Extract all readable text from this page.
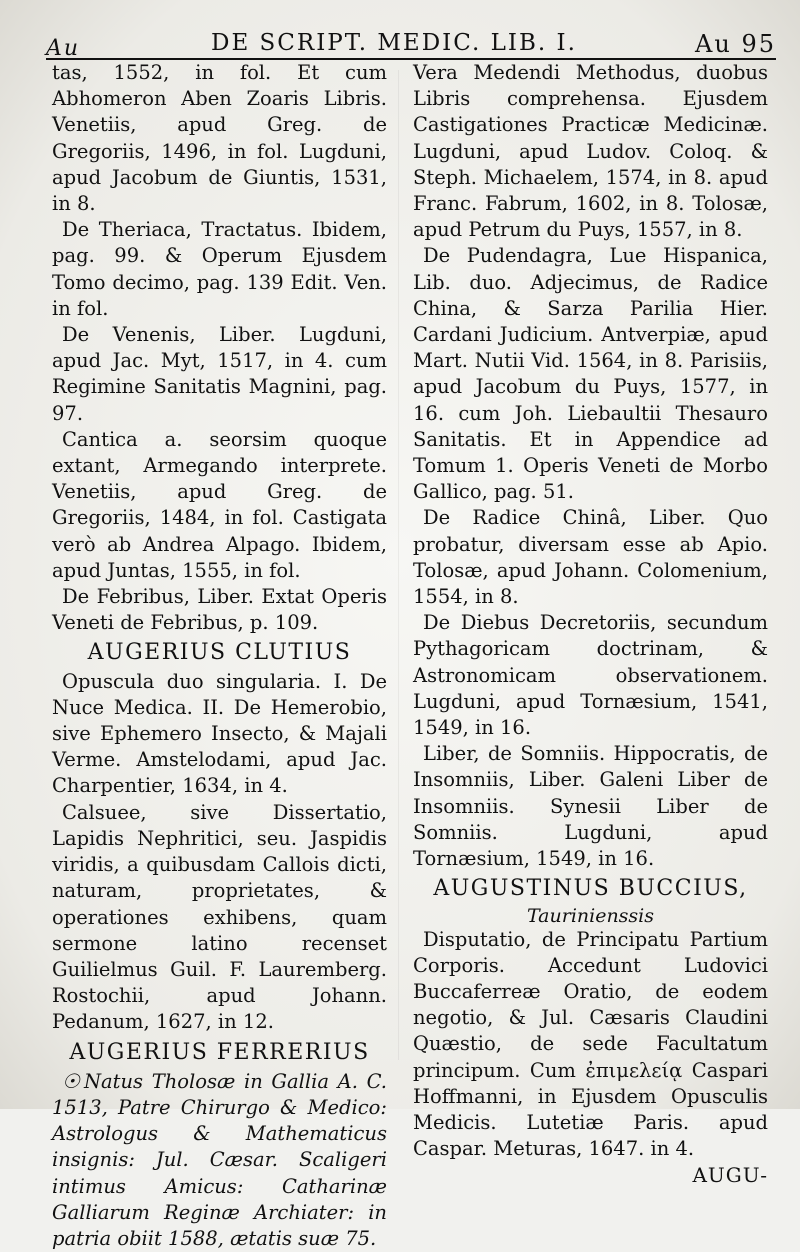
Au	DE SCRIPT. MEDIC. LIB. I.	Au 95

tas, 1552, in fol. Et cum Abhomeron Aben Zoaris Libris. Venetiis, apud Greg. de Gregoriis, 1496, in fol. Lugduni, apud Jacobum de Giuntis, 1531, in 8.

De Theriaca, Tractatus. Ibidem, pag. 99. & Operum Ejusdem Tomo decimo, pag. 139 Edit. Ven. in fol.

De Venenis, Liber. Lugduni, apud Jac. Myt, 1517, in 4. cum Regimine Sanitatis Magnini, pag. 97.

Cantica a. seorsim quoque extant, Armegando interprete. Venetiis, apud Greg. de Gregoriis, 1484, in fol. Castigata verò ab Andrea Alpago. Ibidem, apud Juntas, 1555, in fol.

De Febribus, Liber. Extat Operis Veneti de Febribus, p. 109.

AUGERIUS CLUTIUS

Opuscula duo singularia. I. De Nuce Medica. II. De Hemerobio, sive Ephemero Insecto, & Majali Verme. Amstelodami, apud Jac. Charpentier, 1634, in 4.

Calsuee, sive Dissertatio, Lapidis Nephritici, seu. Jaspidis viridis, a quibusdam Callois dicti, naturam, proprietates, & operationes exhibens, quam sermone latino recenset Guilielmus Guil. F. Lauremberg. Rostochii, apud Johann. Pedanum, 1627, in 12.

AUGERIUS FERRERIUS

☉ Natus Tholosæ in Gallia A. C. 1513, Patre Chirurgo & Medico: Astrologus & Mathematicus insignis: Jul. Cæsar. Scaligeri intimus Amicus: Catharinæ Galliarum Reginæ Archiater: in patria obiit 1588, ætatis suæ 75.

Vera Medendi Methodus, duobus Libris comprehensa. Ejusdem Castigationes Practicæ Medicinæ. Lugduni, apud Ludov. Coloq. & Steph. Michaelem, 1574, in 8. apud Franc. Fabrum, 1602, in 8. Tolosæ, apud Petrum du Puys, 1557, in 8.

De Pudendagra, Lue Hispanica, Lib. duo. Adjecimus, de Radice China, & Sarza Parilia Hier. Cardani Judicium. Antverpiæ, apud Mart. Nutii Vid. 1564, in 8. Parisiis, apud Jacobum du Puys, 1577, in 16. cum Joh. Liebaultii Thesauro Sanitatis. Et in Appendice ad Tomum 1. Operis Veneti de Morbo Gallico, pag. 51.

De Radice Chinâ, Liber. Quo probatur, diversam esse ab Apio. Tolosæ, apud Johann. Colomenium, 1554, in 8.

De Diebus Decretoriis, secundum Pythagoricam doctrinam, & Astronomicam observationem. Lugduni, apud Tornæsium, 1541, 1549, in 16.

Liber, de Somniis. Hippocratis, de Insomniis, Liber. Galeni Liber de Insomniis. Synesii Liber de Somniis. Lugduni, apud Tornæsium, 1549, in 16.

AUGUSTINUS BUCCIUS,

Taurinienssis

Disputatio, de Principatu Partium Corporis. Accedunt Ludovici Buccaferreæ Oratio, de eodem negotio, & Jul. Cæsaris Claudini Quæstio, de sede Facultatum principum. Cum ἐπιμελείᾳ Caspari Hoffmanni, in Ejusdem Opusculis Medicis. Lutetiæ Paris. apud Caspar. Meturas, 1647. in 4.

AUGU-
